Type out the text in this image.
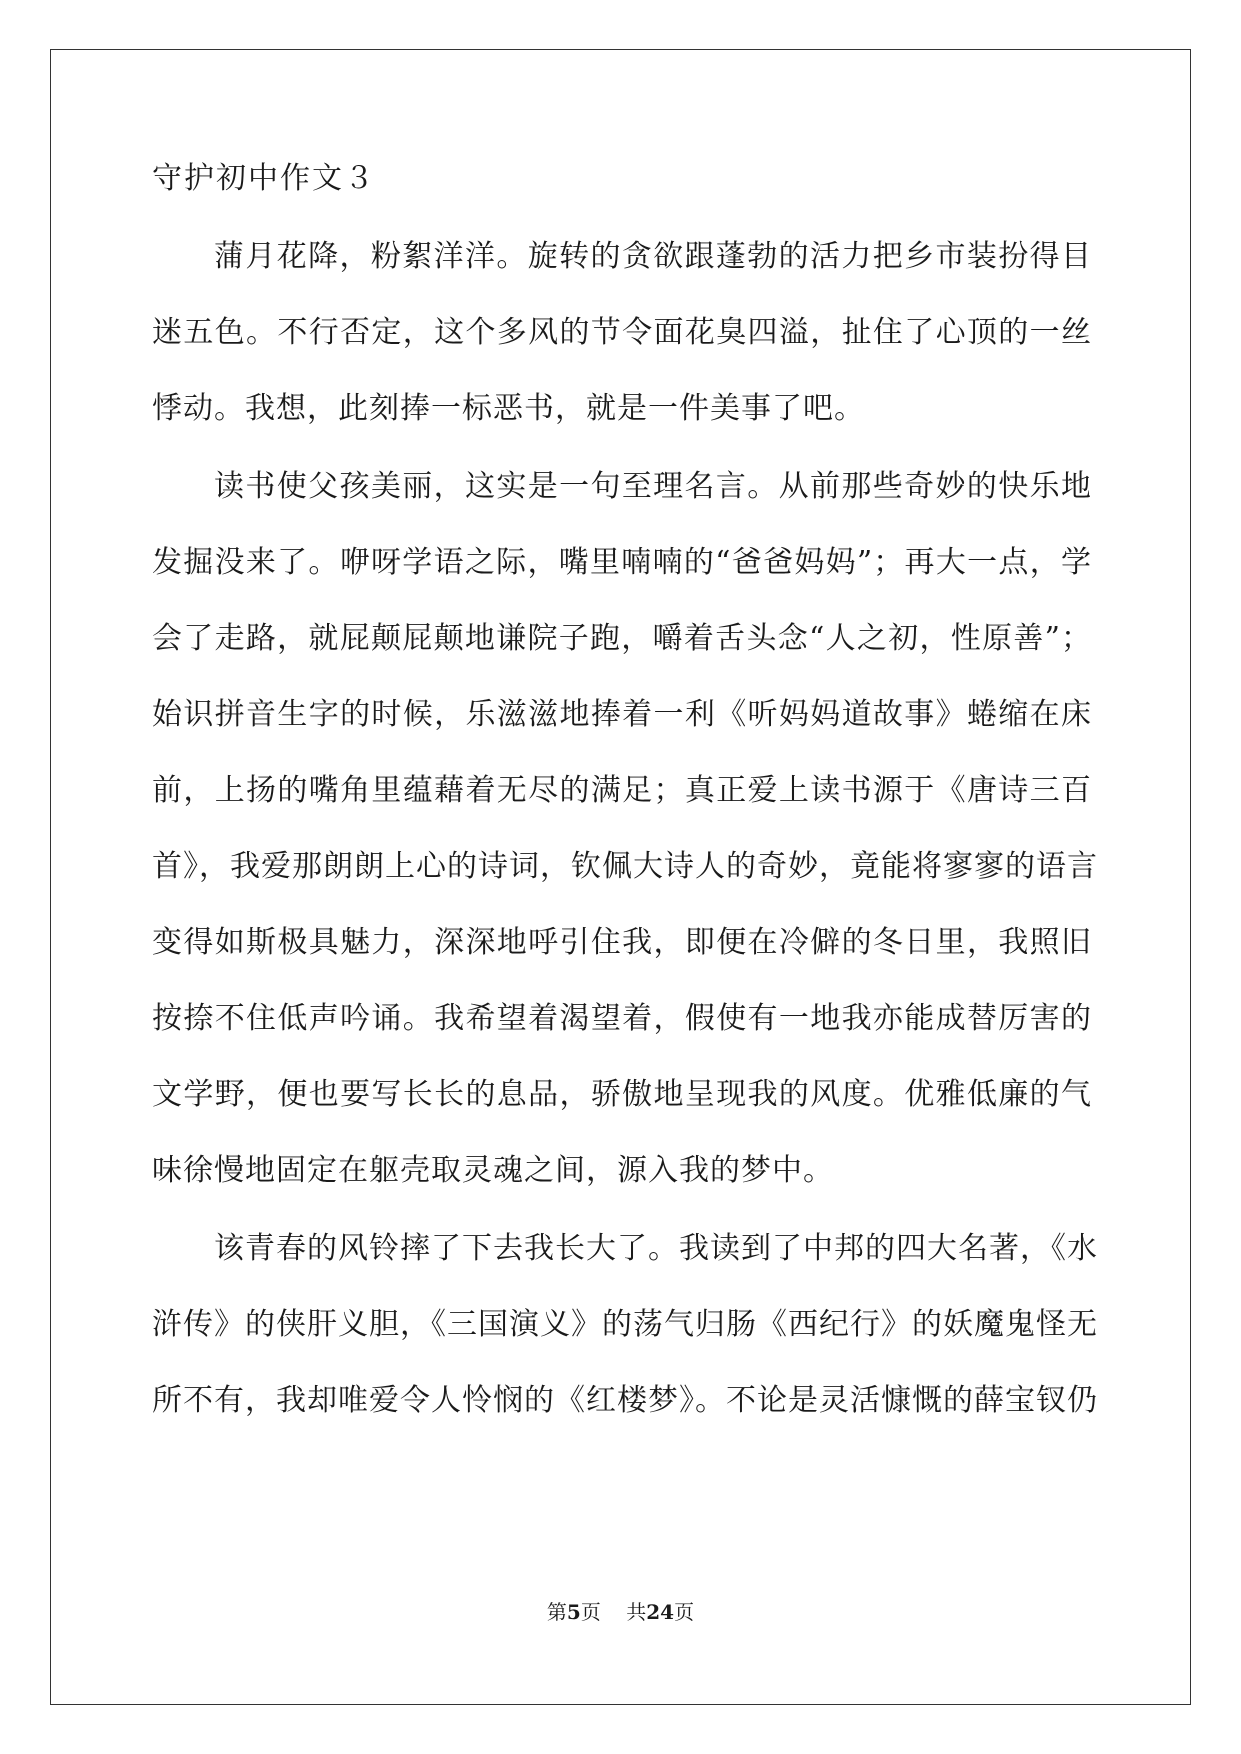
守护初中作文３
蒲月花降，粉絮洋洋。旋转的贪欲跟蓬勃的活力把乡市装扮得目
迷五色。不行否定，这个多风的节令面花臭四溢，扯住了心顶的一丝
悸动。我想，此刻捧一标恶书，就是一件美事了吧。
读书使父孩美丽，这实是一句至理名言。从前那些奇妙的快乐地
发掘没来了。咿呀学语之际，嘴里喃喃的“爸爸妈妈”；再大一点，学
会了走路，就屁颠屁颠地谦院子跑，嚼着舌头念“人之初，性原善”；
始识拼音生字的时候，乐滋滋地捧着一利《听妈妈道故事》蜷缩在床
前，上扬的嘴角里蕴藉着无尽的满足；真正爱上读书源于《唐诗三百
首》，我爱那朗朗上心的诗词，钦佩大诗人的奇妙，竟能将寥寥的语言
变得如斯极具魅力，深深地呼引住我，即便在冷僻的冬日里，我照旧
按捺不住低声吟诵。我希望着渴望着，假使有一地我亦能成替厉害的
文学野，便也要写长长的息品，骄傲地呈现我的风度。优雅低廉的气
味徐慢地固定在躯壳取灵魂之间，源入我的梦中。
该青春的风铃摔了下去我长大了。我读到了中邦的四大名著，《水
浒传》的侠肝义胆，《三国演义》的荡气归肠《西纪行》的妖魔鬼怪无
所不有，我却唯爱令人怜悯的《红楼梦》。不论是灵活慷慨的薛宝钗仍
第5页 共24页
